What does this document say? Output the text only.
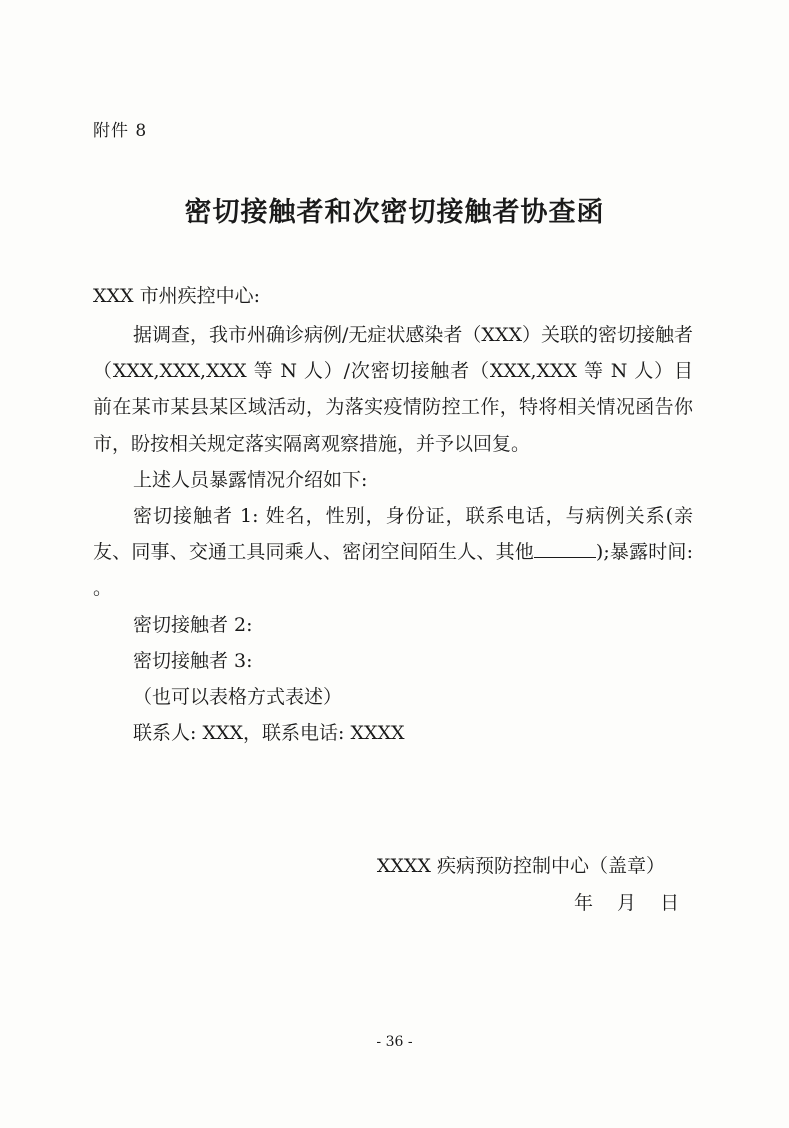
附件 8
密切接触者和次密切接触者协查函
XXX 市州疾控中心:

据调查，我市州确诊病例/无症状感染者（XXX）关联的密切接触者（XXX,XXX,XXX 等 N 人）/次密切接触者（XXX,XXX 等 N 人）目前在某市某县某区域活动，为落实疫情防控工作，特将相关情况函告你市，盼按相关规定落实隔离观察措施，并予以回复。

上述人员暴露情况介绍如下:

密切接触者 1: 姓名，性别，身份证，联系电话，与病例关系(亲友、同事、交通工具同乘人、密闭空间陌生人、其他	);暴露时间: 。

密切接触者 2:

密切接触者 3:

（也可以表格方式表述）

联系人: XXX，联系电话: XXXX

XXXX 疾病预防控制中心（盖章）
年 月 日
- 36 -
